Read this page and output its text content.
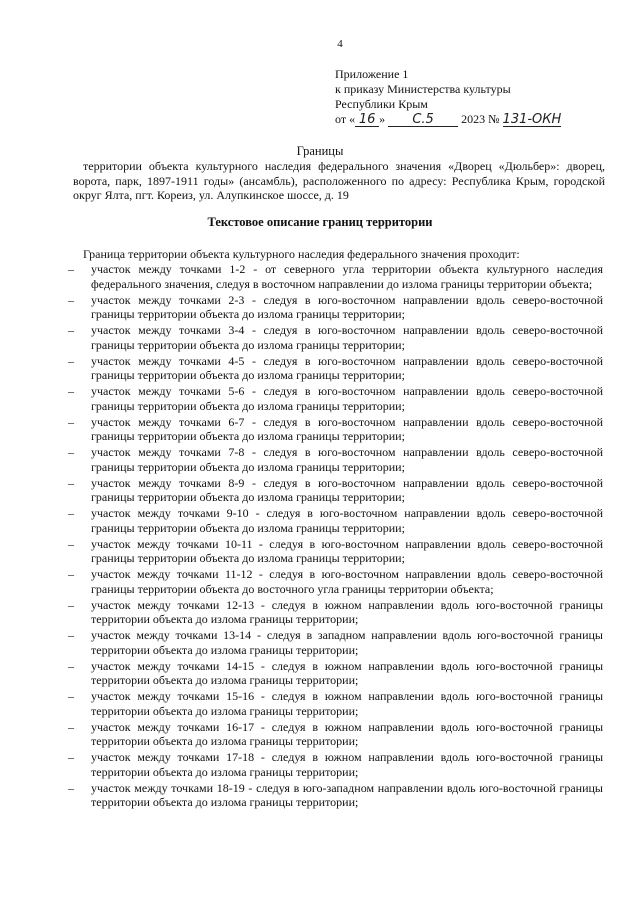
4
Приложение 1
к приказу Министерства культуры
Республики Крым
от « 16 » С.5 2023 № 131-ОКН
Границы
территории объекта культурного наследия федерального значения «Дворец «Дюльбер»: дворец, ворота, парк, 1897-1911 годы» (ансамбль), расположенного по адресу: Республика Крым, городской округ Ялта, пгт. Кореиз, ул. Алупкинское шоссе, д. 19
Текстовое описание границ территории
Граница территории объекта культурного наследия федерального значения проходит:
– участок между точками 1-2 - от северного угла территории объекта культурного наследия федерального значения, следуя в восточном направлении до излома границы территории объекта;
– участок между точками 2-3 - следуя в юго-восточном направлении вдоль северо-восточной границы территории объекта до излома границы территории;
– участок между точками 3-4 - следуя в юго-восточном направлении вдоль северо-восточной границы территории объекта до излома границы территории;
– участок между точками 4-5 - следуя в юго-восточном направлении вдоль северо-восточной границы территории объекта до излома границы территории;
– участок между точками 5-6 - следуя в юго-восточном направлении вдоль северо-восточной границы территории объекта до излома границы территории;
– участок между точками 6-7 - следуя в юго-восточном направлении вдоль северо-восточной границы территории объекта до излома границы территории;
– участок между точками 7-8 - следуя в юго-восточном направлении вдоль северо-восточной границы территории объекта до излома границы территории;
– участок между точками 8-9 - следуя в юго-восточном направлении вдоль северо-восточной границы территории объекта до излома границы территории;
– участок между точками 9-10 - следуя в юго-восточном направлении вдоль северо-восточной границы территории объекта до излома границы территории;
– участок между точками 10-11 - следуя в юго-восточном направлении вдоль северо-восточной границы территории объекта до излома границы территории;
– участок между точками 11-12 - следуя в юго-восточном направлении вдоль северо-восточной границы территории объекта до восточного угла границы территории объекта;
– участок между точками 12-13 - следуя в южном направлении вдоль юго-восточной границы территории объекта до излома границы территории;
– участок между точками 13-14 - следуя в западном направлении вдоль юго-восточной границы территории объекта до излома границы территории;
– участок между точками 14-15 - следуя в южном направлении вдоль юго-восточной границы территории объекта до излома границы территории;
– участок между точками 15-16 - следуя в южном направлении вдоль юго-восточной границы территории объекта до излома границы территории;
– участок между точками 16-17 - следуя в южном направлении вдоль юго-восточной границы территории объекта до излома границы территории;
– участок между точками 17-18 - следуя в южном направлении вдоль юго-восточной границы территории объекта до излома границы территории;
– участок между точками 18-19 - следуя в юго-западном направлении вдоль юго-восточной границы территории объекта до излома границы территории;
